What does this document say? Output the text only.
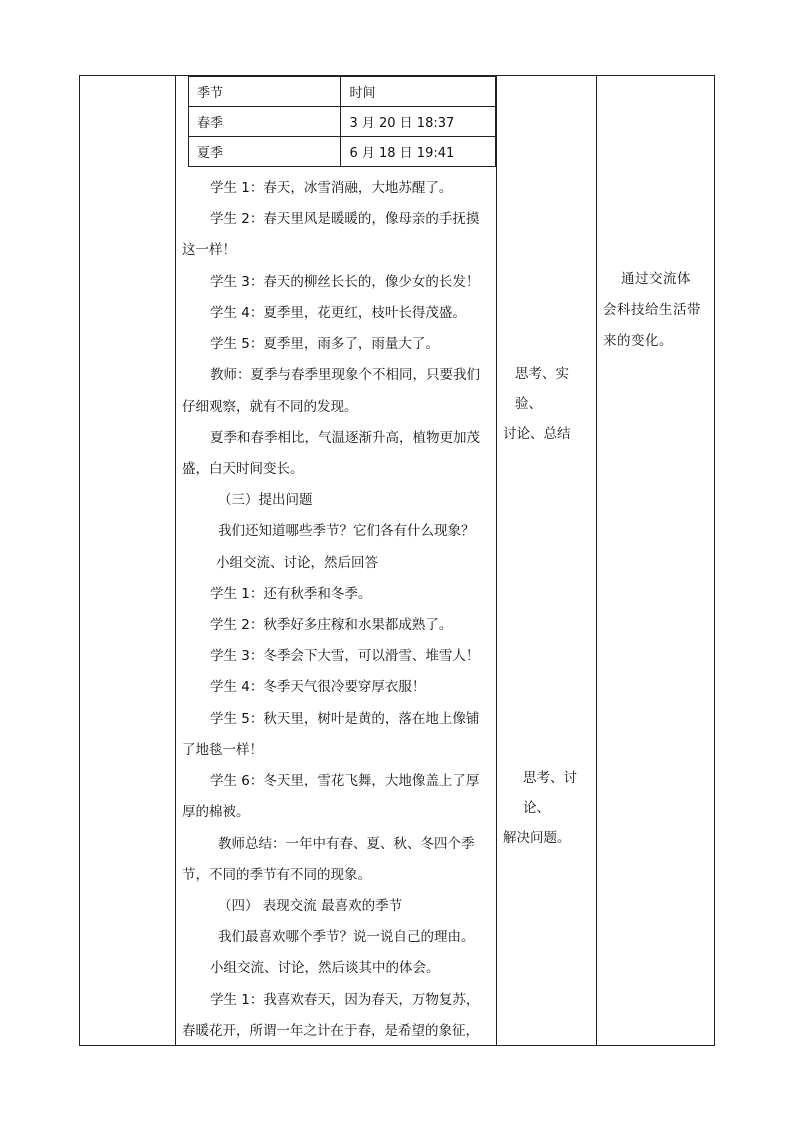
季节	时间
春季	3 月 20 日 18:37
夏季	6 月 18 日 19:41
学生 1：春天，冰雪消融，大地苏醒了。
学生 2：春天里风是暖暖的，像母亲的手抚摸
这一样！
学生 3：春天的柳丝长长的，像少女的长发！
学生 4：夏季里，花更红，枝叶长得茂盛。
学生 5：夏季里，雨多了，雨量大了。
教师：夏季与春季里现象个不相同，只要我们
仔细观察，就有不同的发现。
夏季和春季相比，气温逐渐升高，植物更加茂
盛，白天时间变长。
（三）提出问题
我们还知道哪些季节？它们各有什么现象？
小组交流、讨论，然后回答
学生 1：还有秋季和冬季。
学生 2：秋季好多庄稼和水果都成熟了。
学生 3：冬季会下大雪，可以滑雪、堆雪人！
学生 4：冬季天气很冷要穿厚衣服！
学生 5：秋天里，树叶是黄的，落在地上像铺
了地毯一样！
学生 6：冬天里，雪花飞舞，大地像盖上了厚
厚的棉被。
教师总结：一年中有春、夏、秋、冬四个季
节，不同的季节有不同的现象。
（四） 表现交流 最喜欢的季节
我们最喜欢哪个季节？说一说自己的理由。
小组交流、讨论，然后谈其中的体会。
学生 1：我喜欢春天，因为春天，万物复苏，
春暖花开，所谓一年之计在于春，是希望的象征，
思考、实验、
讨论、总结
思考、讨论、
解决问题。
通过交流体
会科技给生活带
来的变化。
